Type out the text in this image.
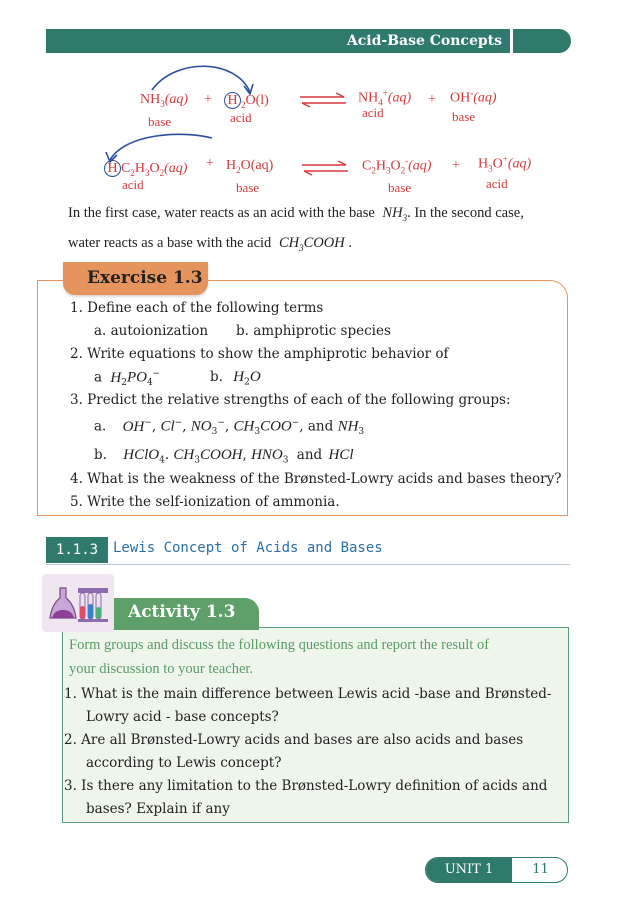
Acid-Base Concepts
$NH_3(aq) + H$ $_2$O(l) ⇌ $NH_4^+(aq) + OH^-(aq)$
base	acid	acid	base
H $C_2H_3O_2(aq) + H_2O(aq)$ ⇌ $C_2H_3O_2^-(aq) + H_3O^+(aq)$
acid	base	base	acid
In the first case, water reacts as an acid with the base $NH_3$. In the second case,
water reacts as a base with the acid $CH_3COOH$ .
Exercise 1.3
1. Define each of the following terms
a. autoionization b. amphiprotic species
2. Write equations to show the amphiprotic behavior of
a $H_2PO_4^-$	b. $H_2O$
3. Predict the relative strengths of each of the following groups:
a. OH−, Cl−, $NO_3^-$, $CH_3COO^-$, and $NH_3$
b. HClO$_4$. $CH_3COOH$, $HNO_3$ and HCl
4. What is the weakness of the Brønsted-Lowry acids and bases theory?
5. Write the self-ionization of ammonia.
1.1.3	Lewis Concept of Acids and Bases
Activity 1.3
Form groups and discuss the following questions and report the result of
your discussion to your teacher.
1. What is the main difference between Lewis acid -base and Brønsted-
Lowry acid - base concepts?
2. Are all Brønsted-Lowry acids and bases are also acids and bases
according to Lewis concept?
3. Is there any limitation to the Brønsted-Lowry definition of acids and
bases? Explain if any
UNIT 1	11
